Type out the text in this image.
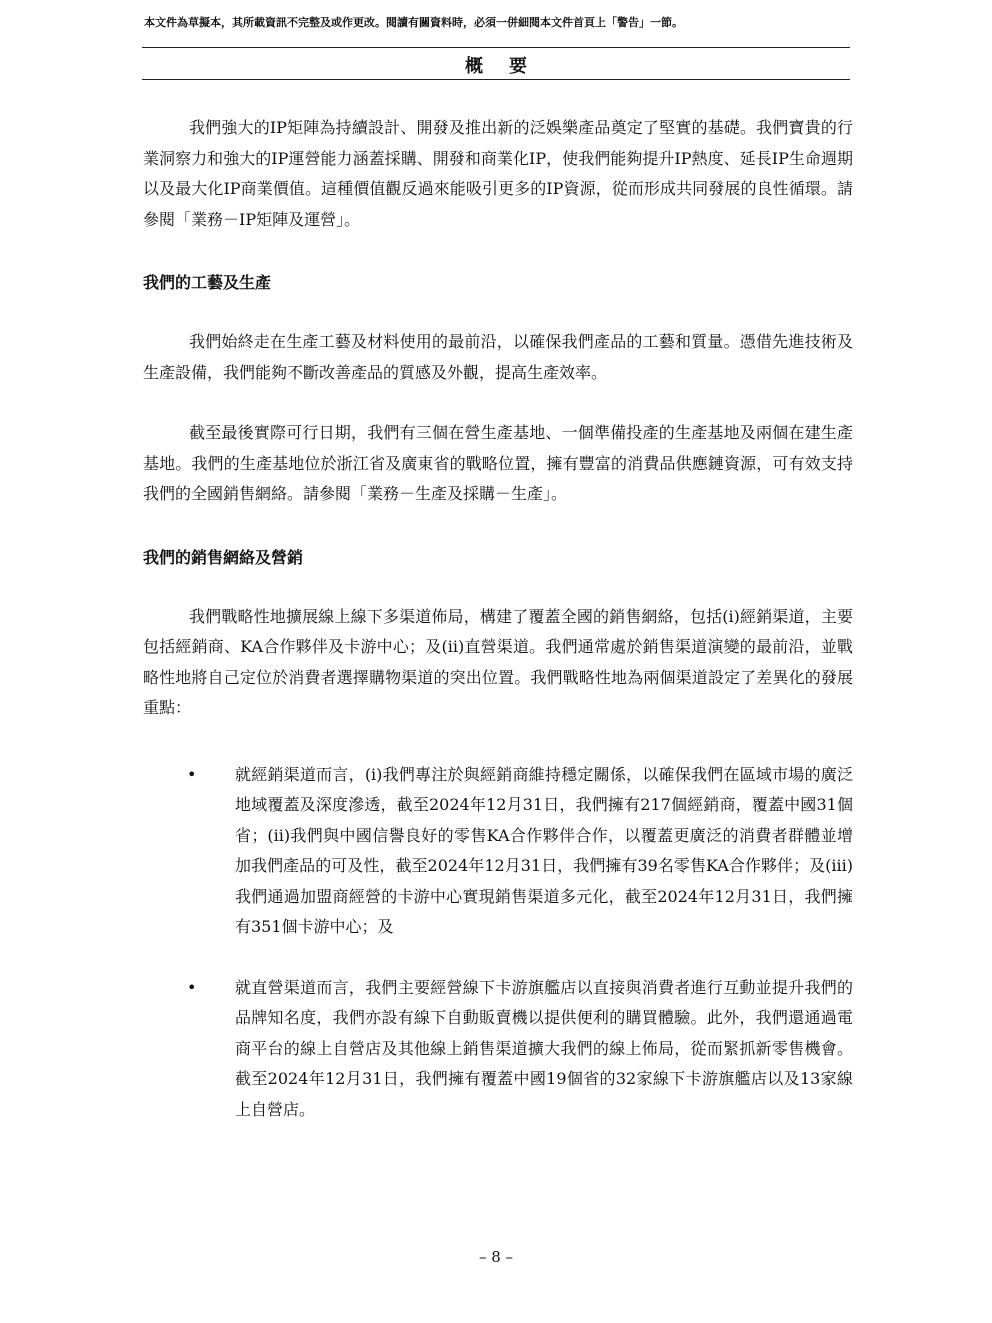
本文件為草擬本，其所載資訊不完整及或作更改。閱讀有關資料時，必須一併細閱本文件首頁上「警告」一節。
概要

我們強大的IP矩陣為持續設計、開發及推出新的泛娛樂產品奠定了堅實的基礎。我們寶貴的行業洞察力和強大的IP運營能力涵蓋採購、開發和商業化IP，使我們能夠提升IP熱度、延長IP生命週期以及最大化IP商業價值。這種價值觀反過來能吸引更多的IP資源，從而形成共同發展的良性循環。請參閱「業務－IP矩陣及運營」。

我們的工藝及生產

我們始終走在生產工藝及材料使用的最前沿，以確保我們產品的工藝和質量。憑借先進技術及生產設備，我們能夠不斷改善產品的質感及外觀，提高生產效率。

截至最後實際可行日期，我們有三個在營生產基地、一個準備投產的生產基地及兩個在建生產基地。我們的生產基地位於浙江省及廣東省的戰略位置，擁有豐富的消費品供應鏈資源，可有效支持我們的全國銷售網絡。請參閱「業務－生產及採購－生產」。

我們的銷售網絡及營銷

我們戰略性地擴展線上線下多渠道佈局，構建了覆蓋全國的銷售網絡，包括(i)經銷渠道，主要包括經銷商、KA合作夥伴及卡游中心；及(ii)直營渠道。我們通常處於銷售渠道演變的最前沿，並戰略性地將自己定位於消費者選擇購物渠道的突出位置。我們戰略性地為兩個渠道設定了差異化的發展重點：

• 就經銷渠道而言，(i)我們專注於與經銷商維持穩定關係，以確保我們在區域市場的廣泛地域覆蓋及深度滲透，截至2024年12月31日，我們擁有217個經銷商，覆蓋中國31個省；(ii)我們與中國信譽良好的零售KA合作夥伴合作，以覆蓋更廣泛的消費者群體並增加我們產品的可及性，截至2024年12月31日，我們擁有39名零售KA合作夥伴；及(iii)我們通過加盟商經營的卡游中心實現銷售渠道多元化，截至2024年12月31日，我們擁有351個卡游中心；及

• 就直營渠道而言，我們主要經營線下卡游旗艦店以直接與消費者進行互動並提升我們的品牌知名度，我們亦設有線下自動販賣機以提供便利的購買體驗。此外，我們還通過電商平台的線上自營店及其他線上銷售渠道擴大我們的線上佈局，從而緊抓新零售機會。截至2024年12月31日，我們擁有覆蓋中國19個省的32家線下卡游旗艦店以及13家線上自營店。

– 8 –
